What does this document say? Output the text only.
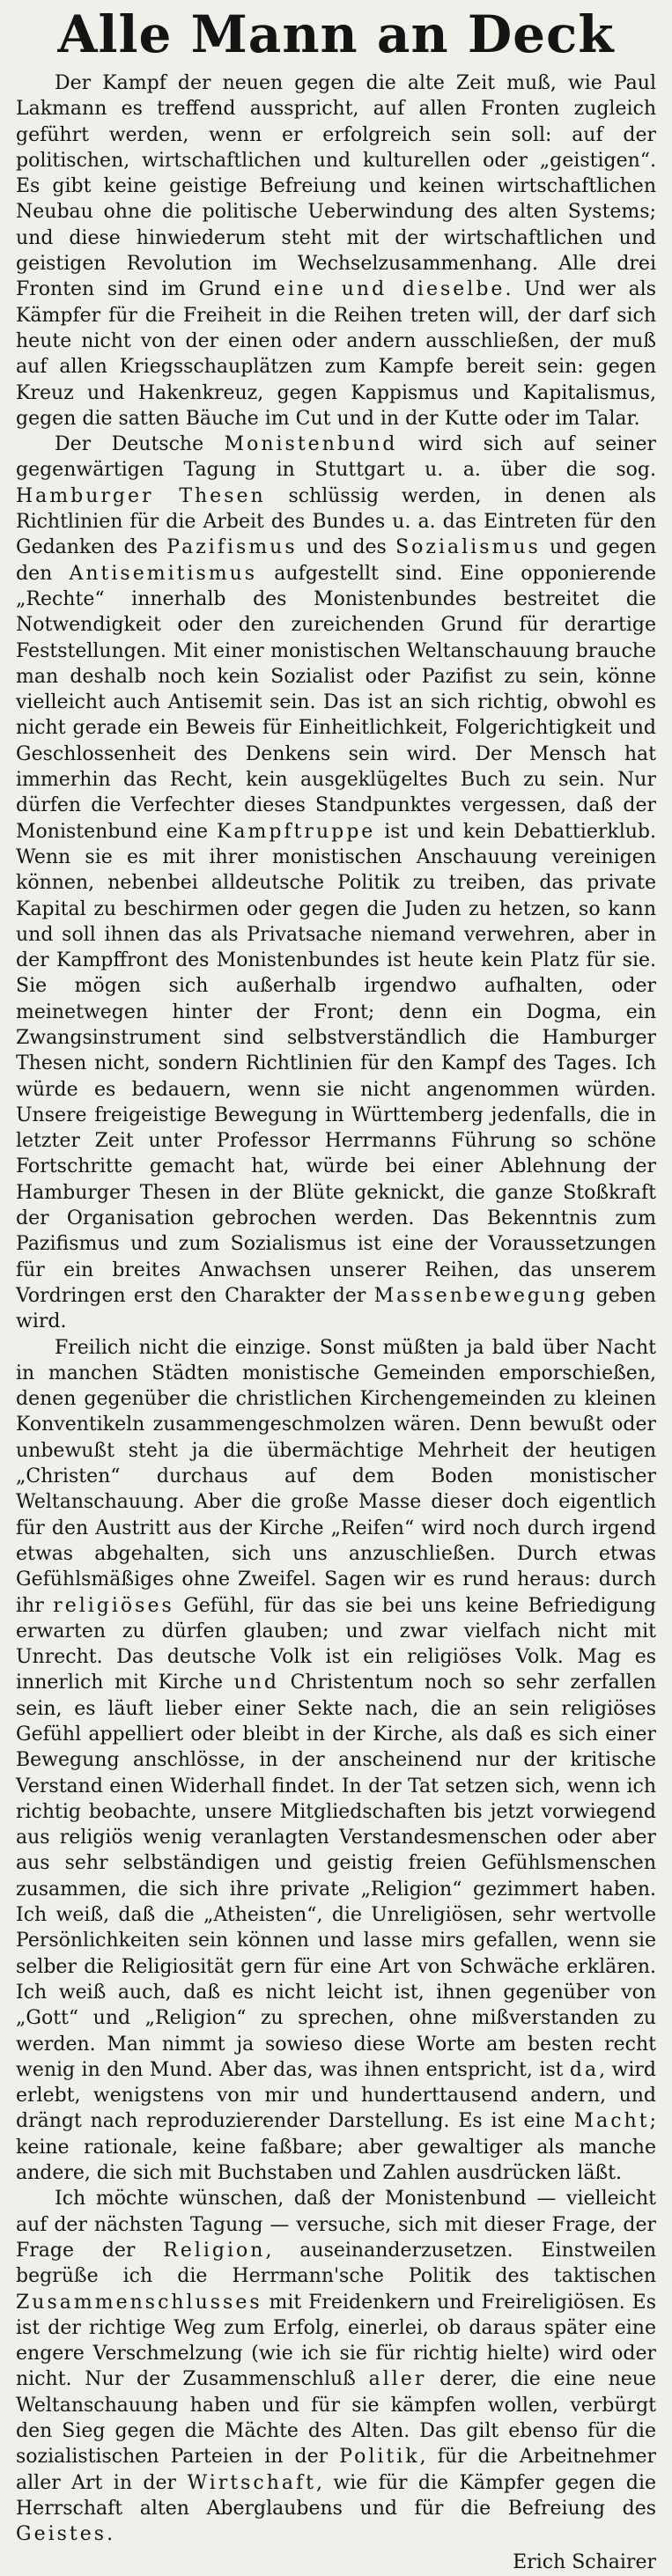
Alle Mann an Deck

Der Kampf der neuen gegen die alte Zeit muß, wie Paul Lakmann es treffend ausspricht, auf allen Fronten zugleich geführt werden, wenn er erfolgreich sein soll: auf der politischen, wirtschaftlichen und kulturellen oder „geistigen“. Es gibt keine geistige Befreiung und keinen wirtschaftlichen Neubau ohne die politische Ueberwindung des alten Systems; und diese hinwiederum steht mit der wirtschaftlichen und geistigen Revolution im Wechselzusammenhang. Alle drei Fronten sind im Grund eine und dieselbe. Und wer als Kämpfer für die Freiheit in die Reihen treten will, der darf sich heute nicht von der einen oder andern ausschließen, der muß auf allen Kriegsschauplätzen zum Kampfe bereit sein: gegen Kreuz und Hakenkreuz, gegen Kappismus und Kapitalismus, gegen die satten Bäuche im Cut und in der Kutte oder im Talar.

Der Deutsche Monistenbund wird sich auf seiner gegenwärtigen Tagung in Stuttgart u. a. über die sog. Hamburger Thesen schlüssig werden, in denen als Richtlinien für die Arbeit des Bundes u. a. das Eintreten für den Gedanken des Pazifismus und des Sozialismus und gegen den Antisemitismus aufgestellt sind. Eine opponierende „Rechte“ innerhalb des Monistenbundes bestreitet die Notwendigkeit oder den zureichenden Grund für derartige Feststellungen. Mit einer monistischen Weltanschauung brauche man deshalb noch kein Sozialist oder Pazifist zu sein, könne vielleicht auch Antisemit sein. Das ist an sich richtig, obwohl es nicht gerade ein Beweis für Einheitlichkeit, Folgerichtigkeit und Geschlossenheit des Denkens sein wird. Der Mensch hat immerhin das Recht, kein ausgeklügeltes Buch zu sein. Nur dürfen die Verfechter dieses Standpunktes vergessen, daß der Monistenbund eine Kampftruppe ist und kein Debattierklub. Wenn sie es mit ihrer monistischen Anschauung vereinigen können, nebenbei alldeutsche Politik zu treiben, das private Kapital zu beschirmen oder gegen die Juden zu hetzen, so kann und soll ihnen das als Privatsache niemand verwehren, aber in der Kampffront des Monistenbundes ist heute kein Platz für sie. Sie mögen sich außerhalb irgendwo aufhalten, oder meinetwegen hinter der Front; denn ein Dogma, ein Zwangsinstrument sind selbstverständlich die Hamburger Thesen nicht, sondern Richtlinien für den Kampf des Tages. Ich würde es bedauern, wenn sie nicht angenommen würden. Unsere freigeistige Bewegung in Württemberg jedenfalls, die in letzter Zeit unter Professor Herrmanns Führung so schöne Fortschritte gemacht hat, würde bei einer Ablehnung der Hamburger Thesen in der Blüte geknickt, die ganze Stoßkraft der Organisation gebrochen werden. Das Bekenntnis zum Pazifismus und zum Sozialismus ist eine der Voraussetzungen für ein breites Anwachsen unserer Reihen, das unserem Vordringen erst den Charakter der Massenbewegung geben wird.

Freilich nicht die einzige. Sonst müßten ja bald über Nacht in manchen Städten monistische Gemeinden emporschießen, denen gegenüber die christlichen Kirchengemeinden zu kleinen Konventikeln zusammengeschmolzen wären. Denn bewußt oder unbewußt steht ja die übermächtige Mehrheit der heutigen „Christen“ durchaus auf dem Boden monistischer Weltanschauung. Aber die große Masse dieser doch eigentlich für den Austritt aus der Kirche „Reifen“ wird noch durch irgend etwas abgehalten, sich uns anzuschließen. Durch etwas Gefühlsmäßiges ohne Zweifel. Sagen wir es rund heraus: durch ihr religiöses Gefühl, für das sie bei uns keine Befriedigung erwarten zu dürfen glauben; und zwar vielfach nicht mit Unrecht. Das deutsche Volk ist ein religiöses Volk. Mag es innerlich mit Kirche und Christentum noch so sehr zerfallen sein, es läuft lieber einer Sekte nach, die an sein religiöses Gefühl appelliert oder bleibt in der Kirche, als daß es sich einer Bewegung anschlösse, in der anscheinend nur der kritische Verstand einen Widerhall findet. In der Tat setzen sich, wenn ich richtig beobachte, unsere Mitgliedschaften bis jetzt vorwiegend aus religiös wenig veranlagten Verstandesmenschen oder aber aus sehr selbständigen und geistig freien Gefühlsmenschen zusammen, die sich ihre private „Religion“ gezimmert haben. Ich weiß, daß die „Atheisten“, die Unreligiösen, sehr wertvolle Persönlichkeiten sein können und lasse mirs gefallen, wenn sie selber die Religiosität gern für eine Art von Schwäche erklären. Ich weiß auch, daß es nicht leicht ist, ihnen gegenüber von „Gott“ und „Religion“ zu sprechen, ohne mißverstanden zu werden. Man nimmt ja sowieso diese Worte am besten recht wenig in den Mund. Aber das, was ihnen entspricht, ist da, wird erlebt, wenigstens von mir und hunderttausend andern, und drängt nach reproduzierender Darstellung. Es ist eine Macht; keine rationale, keine faßbare; aber gewaltiger als manche andere, die sich mit Buchstaben und Zahlen ausdrücken läßt.

Ich möchte wünschen, daß der Monistenbund — vielleicht auf der nächsten Tagung — versuche, sich mit dieser Frage, der Frage der Religion, auseinanderzusetzen. Einstweilen begrüße ich die Herrmann'sche Politik des taktischen Zusammenschlusses mit Freidenkern und Freireligiösen. Es ist der richtige Weg zum Erfolg, einerlei, ob daraus später eine engere Verschmelzung (wie ich sie für richtig hielte) wird oder nicht. Nur der Zusammenschluß aller derer, die eine neue Weltanschauung haben und für sie kämpfen wollen, verbürgt den Sieg gegen die Mächte des Alten. Das gilt ebenso für die sozialistischen Parteien in der Politik, für die Arbeitnehmer aller Art in der Wirtschaft, wie für die Kämpfer gegen die Herrschaft alten Aberglaubens und für die Befreiung des Geistes.
Erich Schairer
